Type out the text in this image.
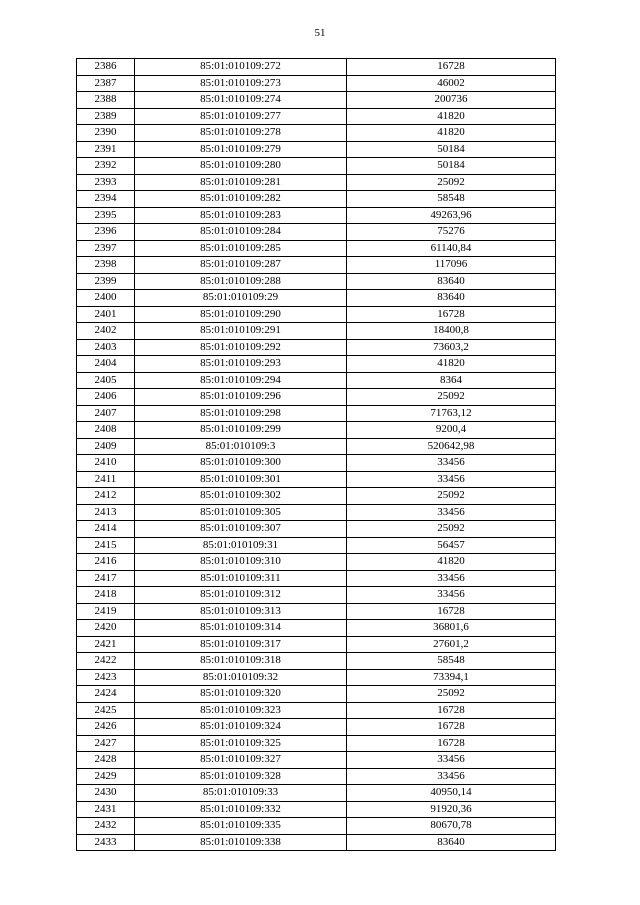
51
2386	85:01:010109:272	16728
2387	85:01:010109:273	46002
2388	85:01:010109:274	200736
2389	85:01:010109:277	41820
2390	85:01:010109:278	41820
2391	85:01:010109:279	50184
2392	85:01:010109:280	50184
2393	85:01:010109:281	25092
2394	85:01:010109:282	58548
2395	85:01:010109:283	49263,96
2396	85:01:010109:284	75276
2397	85:01:010109:285	61140,84
2398	85:01:010109:287	117096
2399	85:01:010109:288	83640
2400	85:01:010109:29	83640
2401	85:01:010109:290	16728
2402	85:01:010109:291	18400,8
2403	85:01:010109:292	73603,2
2404	85:01:010109:293	41820
2405	85:01:010109:294	8364
2406	85:01:010109:296	25092
2407	85:01:010109:298	71763,12
2408	85:01:010109:299	9200,4
2409	85:01:010109:3	520642,98
2410	85:01:010109:300	33456
2411	85:01:010109:301	33456
2412	85:01:010109:302	25092
2413	85:01:010109:305	33456
2414	85:01:010109:307	25092
2415	85:01:010109:31	56457
2416	85:01:010109:310	41820
2417	85:01:010109:311	33456
2418	85:01:010109:312	33456
2419	85:01:010109:313	16728
2420	85:01:010109:314	36801,6
2421	85:01:010109:317	27601,2
2422	85:01:010109:318	58548
2423	85:01:010109:32	73394,1
2424	85:01:010109:320	25092
2425	85:01:010109:323	16728
2426	85:01:010109:324	16728
2427	85:01:010109:325	16728
2428	85:01:010109:327	33456
2429	85:01:010109:328	33456
2430	85:01:010109:33	40950,14
2431	85:01:010109:332	91920,36
2432	85:01:010109:335	80670,78
2433	85:01:010109:338	83640
